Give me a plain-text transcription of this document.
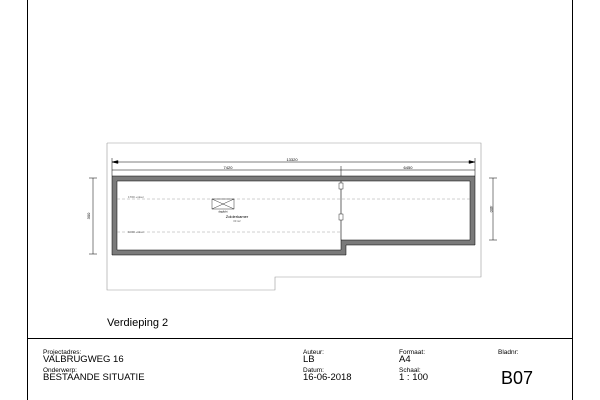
13320
7420	6450
300
400
1700 +vloer
1000 +vloer
daglicht
Zolderkamer
00 m2
Verdieping 2
Projectadres:
VALBRUGWEG 16
Onderwerp:
BESTAANDE SITUATIE
Auteur:
LB
Datum:
16-06-2018
Formaat:
A4
Schaal:
1 : 100
Bladnr:
B07
